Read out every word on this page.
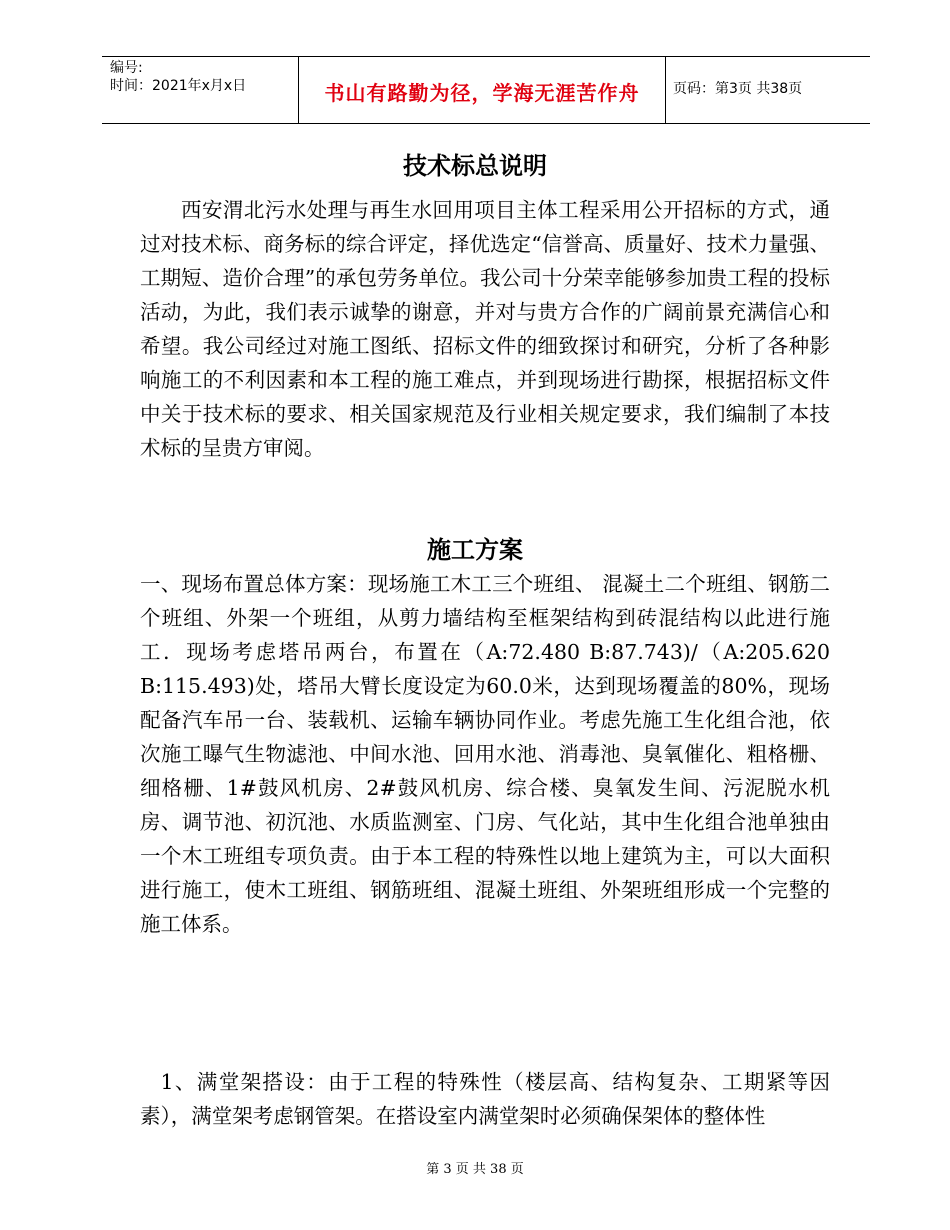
编号:
时间：2021年x月x日	书山有路勤为径，学海无涯苦作舟	页码：第3页 共38页
技术标总说明

西安渭北污水处理与再生水回用项目主体工程采用公开招标的方式，通过对技术标、商务标的综合评定，择优选定“信誉高、质量好、技术力量强、工期短、造价合理”的承包劳务单位。我公司十分荣幸能够参加贵工程的投标活动，为此，我们表示诚挚的谢意，并对与贵方合作的广阔前景充满信心和希望。我公司经过对施工图纸、招标文件的细致探讨和研究，分析了各种影响施工的不利因素和本工程的施工难点，并到现场进行勘探，根据招标文件中关于技术标的要求、相关国家规范及行业相关规定要求，我们编制了本技术标的呈贵方审阅。

施工方案

一、现场布置总体方案：现场施工木工三个班组、 混凝土二个班组、钢筋二个班组、外架一个班组，从剪力墙结构至框架结构到砖混结构以此进行施工．现场考虑塔吊两台，布置在（A:72.480 B:87.743)/（A:205.620 B:115.493)处，塔吊大臂长度设定为60.0米，达到现场覆盖的80%，现场配备汽车吊一台、装载机、运输车辆协同作业。考虑先施工生化组合池，依次施工曝气生物滤池、中间水池、回用水池、消毒池、臭氧催化、粗格栅、细格栅、1#鼓风机房、2#鼓风机房、综合楼、臭氧发生间、污泥脱水机房、调节池、初沉池、水质监测室、门房、气化站，其中生化组合池单独由一个木工班组专项负责。由于本工程的特殊性以地上建筑为主，可以大面积进行施工，使木工班组、钢筋班组、混凝土班组、外架班组形成一个完整的施工体系。

1、满堂架搭设：由于工程的特殊性（楼层高、结构复杂、工期紧等因素），满堂架考虑钢管架。在搭设室内满堂架时必须确保架体的整体性

第 3 页 共 38 页
